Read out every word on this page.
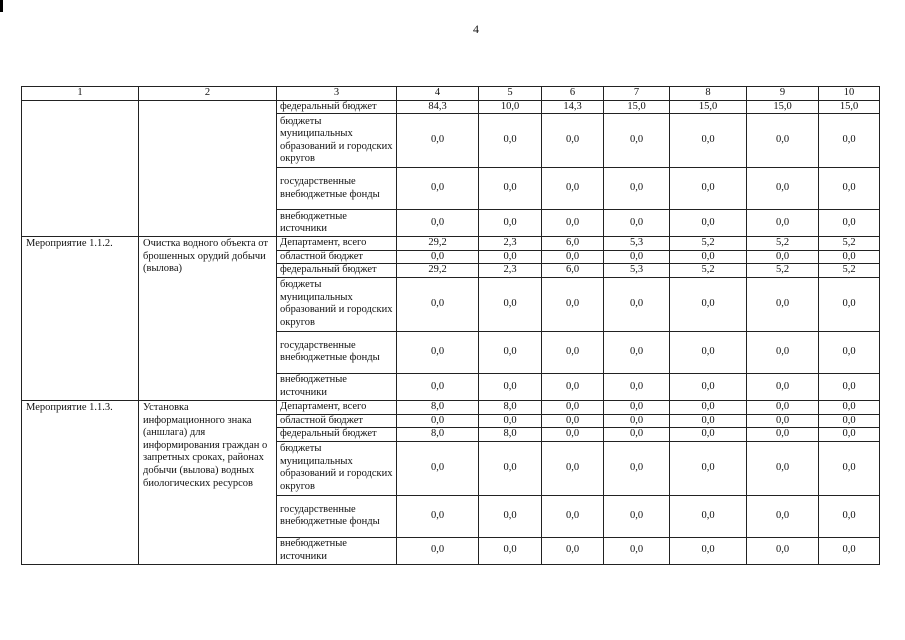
4
1	2	3	4	5	6	7	8	9	10
		федеральный бюджет	84,3	10,0	14,3	15,0	15,0	15,0	15,0
		бюджеты муниципальных образований и городских округов	0,0	0,0	0,0	0,0	0,0	0,0	0,0
		государственные внебюджетные фонды	0,0	0,0	0,0	0,0	0,0	0,0	0,0
		внебюджетные источники	0,0	0,0	0,0	0,0	0,0	0,0	0,0
Мероприятие 1.1.2.	Очистка водного объекта от брошенных орудий добычи (вылова)	Департамент, всего	29,2	2,3	6,0	5,3	5,2	5,2	5,2
		областной бюджет	0,0	0,0	0,0	0,0	0,0	0,0	0,0
		федеральный бюджет	29,2	2,3	6,0	5,3	5,2	5,2	5,2
		бюджеты муниципальных образований и городских округов	0,0	0,0	0,0	0,0	0,0	0,0	0,0
		государственные внебюджетные фонды	0,0	0,0	0,0	0,0	0,0	0,0	0,0
		внебюджетные источники	0,0	0,0	0,0	0,0	0,0	0,0	0,0
Мероприятие 1.1.3.	Установка информационного знака (аншлага) для информирования граждан о запретных сроках, районах добычи (вылова) водных биологических ресурсов	Департамент, всего	8,0	8,0	0,0	0,0	0,0	0,0	0,0
		областной бюджет	0,0	0,0	0,0	0,0	0,0	0,0	0,0
		федеральный бюджет	8,0	8,0	0,0	0,0	0,0	0,0	0,0
		бюджеты муниципальных образований и городских округов	0,0	0,0	0,0	0,0	0,0	0,0	0,0
		государственные внебюджетные фонды	0,0	0,0	0,0	0,0	0,0	0,0	0,0
		внебюджетные источники	0,0	0,0	0,0	0,0	0,0	0,0	0,0
